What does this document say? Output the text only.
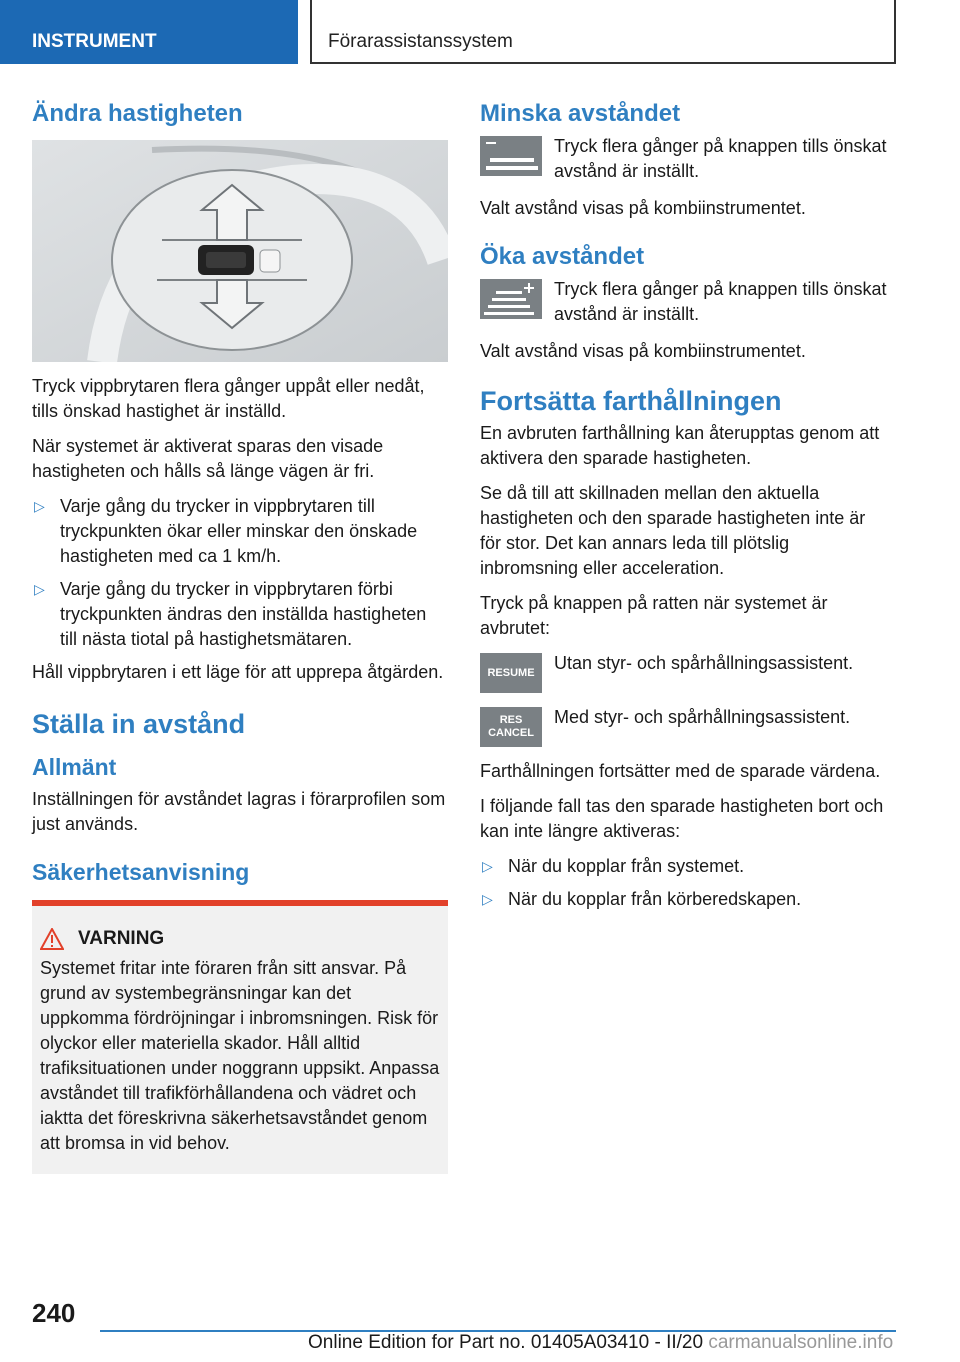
INSTRUMENT	Förarassistanssystem
Ändra hastigheten

Tryck vippbrytaren flera gånger uppåt eller nedåt, tills önskad hastighet är inställd.

När systemet är aktiverat sparas den visade hastigheten och hålls så länge vägen är fri.

▷ Varje gång du trycker in vippbrytaren till tryckpunkten ökar eller minskar den önskade hastigheten med ca 1 km/h.
▷ Varje gång du trycker in vippbrytaren förbi tryckpunkten ändras den inställda hastigheten till nästa tiotal på hastighetsmätaren.

Håll vippbrytaren i ett läge för att upprepa åtgärden.

Ställa in avstånd
Allmänt

Inställningen för avståndet lagras i förarprofilen som just används.

Säkerhetsanvisning
VARNING

Systemet fritar inte föraren från sitt ansvar. På grund av systembegränsningar kan det uppkomma fördröjningar i inbromsningen. Risk för olyckor eller materiella skador. Håll alltid trafiksituationen under noggrann uppsikt. Anpassa avståndet till trafikförhållandena och vädret och iaktta det föreskrivna säkerhetsavståndet genom att bromsa in vid behov.

Minska avståndet
Tryck flera gånger på knappen tills önskat avstånd är inställt.

Valt avstånd visas på kombiinstrumentet.

Öka avståndet
Tryck flera gånger på knappen tills önskat avstånd är inställt.

Valt avstånd visas på kombiinstrumentet.

Fortsätta farthållningen

En avbruten farthållning kan återupptas genom att aktivera den sparade hastigheten.

Se då till att skillnaden mellan den aktuella hastigheten och den sparade hastigheten inte är för stor. Det kan annars leda till plötslig inbromsning eller acceleration.

Tryck på knappen på ratten när systemet är avbrutet:

RESUME Utan styr- och spårhållningsassistent.
RES
CANCEL
Med styr- och spårhållningsassistent.

Farthållningen fortsätter med de sparade värdena.

I följande fall tas den sparade hastigheten bort och kan inte längre aktiveras:

▷ När du kopplar från systemet.
▷ När du kopplar från körberedskapen.
240
Online Edition for Part no. 01405A03410 - II/20 carmanualsonline.info
